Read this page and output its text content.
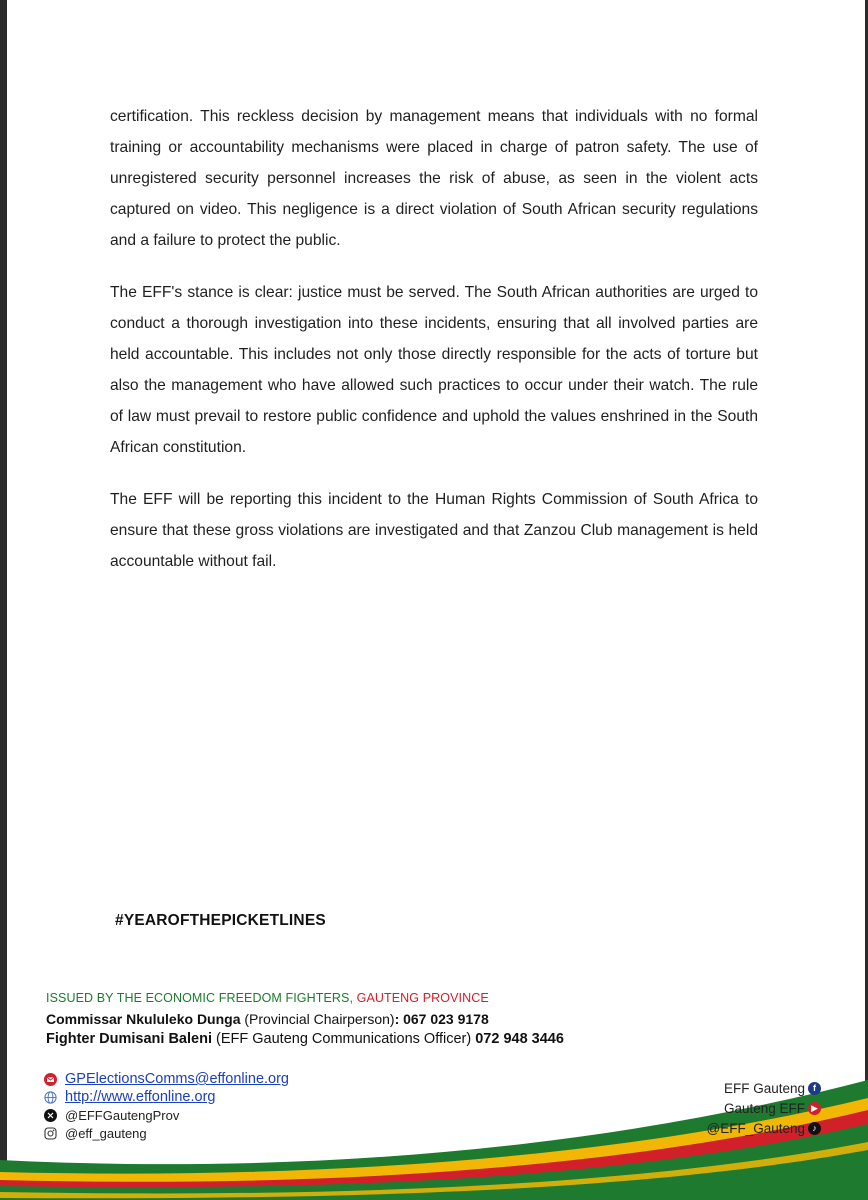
certification. This reckless decision by management means that individuals with no formal training or accountability mechanisms were placed in charge of patron safety. The use of unregistered security personnel increases the risk of abuse, as seen in the violent acts captured on video. This negligence is a direct violation of South African security regulations and a failure to protect the public.

The EFF's stance is clear: justice must be served. The South African authorities are urged to conduct a thorough investigation into these incidents, ensuring that all involved parties are held accountable. This includes not only those directly responsible for the acts of torture but also the management who have allowed such practices to occur under their watch. The rule of law must prevail to restore public confidence and uphold the values enshrined in the South African constitution.

The EFF will be reporting this incident to the Human Rights Commission of South Africa to ensure that these gross violations are investigated and that Zanzou Club management is held accountable without fail.

#YEAROFTHEPICKETLINES
ISSUED BY THE ECONOMIC FREEDOM FIGHTERS, GAUTENG PROVINCE
Commissar Nkululeko Dunga (Provincial Chairperson): 067 023 9178
Fighter Dumisani Baleni (EFF Gauteng Communications Officer) 072 948 3446
GPElectionsComms@effonline.org
http://www.effonline.org
@EFFGautengProv
@eff_gauteng
EFF Gauteng f
Gauteng EFF ▶
@EFF_Gauteng ♪
